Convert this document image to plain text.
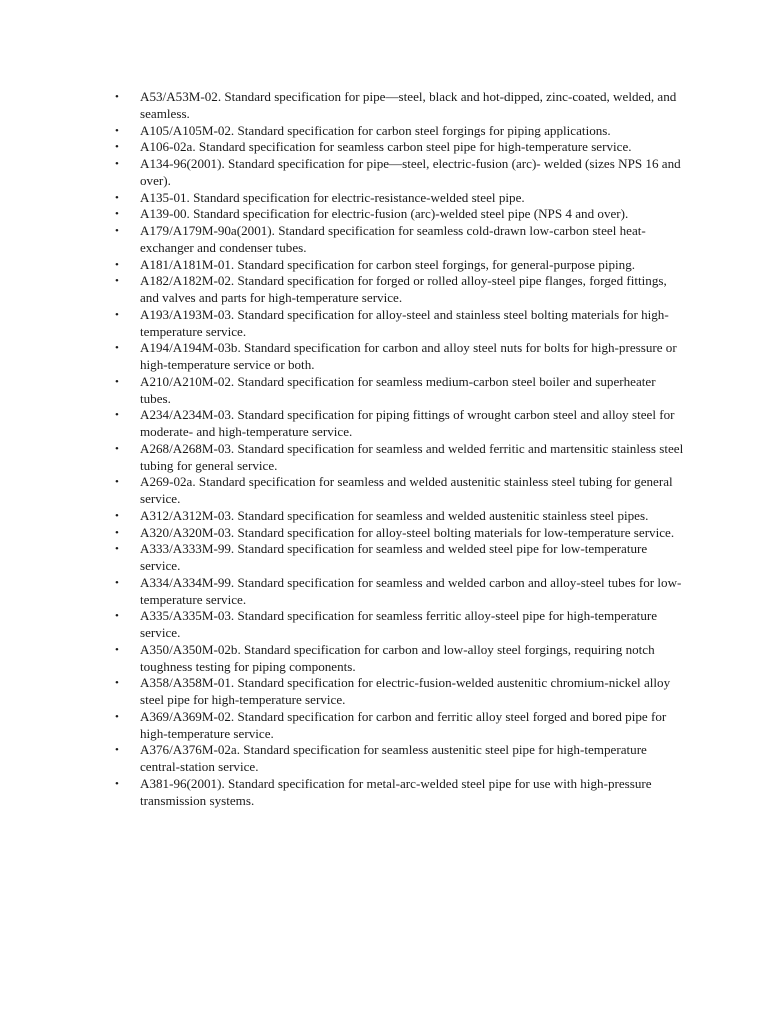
•	A53/A53M-02. Standard specification for pipe—steel, black and hot-dipped, zinc-coated, welded, and seamless.
•	A105/A105M-02. Standard specification for carbon steel forgings for piping applications.
•	A106-02a. Standard specification for seamless carbon steel pipe for high-temperature service.
•	A134-96(2001). Standard specification for pipe—steel, electric-fusion (arc)- welded (sizes NPS 16 and over).
•	A135-01. Standard specification for electric-resistance-welded steel pipe.
•	A139-00. Standard specification for electric-fusion (arc)-welded steel pipe (NPS 4 and over).
•	A179/A179M-90a(2001). Standard specification for seamless cold-drawn low-carbon steel heat-exchanger and condenser tubes.
•	A181/A181M-01. Standard specification for carbon steel forgings, for general-purpose piping.
•	A182/A182M-02. Standard specification for forged or rolled alloy-steel pipe flanges, forged fittings, and valves and parts for high-temperature service.
•	A193/A193M-03. Standard specification for alloy-steel and stainless steel bolting materials for high-temperature service.
•	A194/A194M-03b. Standard specification for carbon and alloy steel nuts for bolts for high-pressure or high-temperature service or both.
•	A210/A210M-02. Standard specification for seamless medium-carbon steel boiler and superheater tubes.
•	A234/A234M-03. Standard specification for piping fittings of wrought carbon steel and alloy steel for moderate- and high-temperature service.
•	A268/A268M-03. Standard specification for seamless and welded ferritic and martensitic stainless steel tubing for general service.
•	A269-02a. Standard specification for seamless and welded austenitic stainless steel tubing for general service.
•	A312/A312M-03. Standard specification for seamless and welded austenitic stainless steel pipes.
•	A320/A320M-03. Standard specification for alloy-steel bolting materials for low-temperature service.
•	A333/A333M-99. Standard specification for seamless and welded steel pipe for low-temperature service.
•	A334/A334M-99. Standard specification for seamless and welded carbon and alloy-steel tubes for low-temperature service.
•	A335/A335M-03. Standard specification for seamless ferritic alloy-steel pipe for high-temperature service.
•	A350/A350M-02b. Standard specification for carbon and low-alloy steel forgings, requiring notch toughness testing for piping components.
•	A358/A358M-01. Standard specification for electric-fusion-welded austenitic chromium-nickel alloy steel pipe for high-temperature service.
•	A369/A369M-02. Standard specification for carbon and ferritic alloy steel forged and bored pipe for high-temperature service.
•	A376/A376M-02a. Standard specification for seamless austenitic steel pipe for high-temperature central-station service.
•	A381-96(2001). Standard specification for metal-arc-welded steel pipe for use with high-pressure transmission systems.
